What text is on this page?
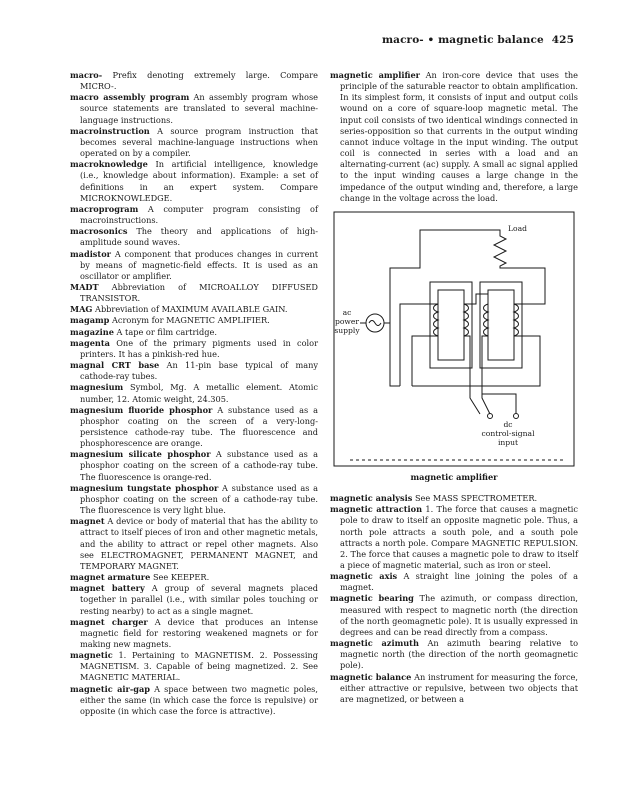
macro- • magnetic balance 425

macro- Prefix denoting extremely large. Compare MICRO-.

macro assembly program An assembly program whose source statements are translated to several machine-language instructions.

macroinstruction A source program instruction that becomes several machine-language instructions when operated on by a compiler.

macroknowledge In artificial intelligence, knowledge (i.e., knowledge about information). Example: a set of definitions in an expert system. Compare MICROKNOWLEDGE.

macroprogram A computer program consisting of macroinstructions.

macrosonics The theory and applications of high-amplitude sound waves.

madistor A component that produces changes in current by means of magnetic-field effects. It is used as an oscillator or amplifier.

MADT Abbreviation of MICROALLOY DIFFUSED TRANSISTOR.

MAG Abbreviation of MAXIMUM AVAILABLE GAIN.

magamp Acronym for MAGNETIC AMPLIFIER.

magazine A tape or film cartridge.

magenta One of the primary pigments used in color printers. It has a pinkish-red hue.

magnal CRT base An 11-pin base typical of many cathode-ray tubes.

magnesium Symbol, Mg. A metallic element. Atomic number, 12. Atomic weight, 24.305.

magnesium fluoride phosphor A substance used as a phosphor coating on the screen of a very-long-persistence cathode-ray tube. The fluorescence and phosphorescence are orange.

magnesium silicate phosphor A substance used as a phosphor coating on the screen of a cathode-ray tube. The fluorescence is orange-red.

magnesium tungstate phosphor A substance used as a phosphor coating on the screen of a cathode-ray tube. The fluorescence is very light blue.

magnet A device or body of material that has the ability to attract to itself pieces of iron and other magnetic metals, and the ability to attract or repel other magnets. Also see ELECTROMAGNET, PERMANENT MAGNET, and TEMPORARY MAGNET.

magnet armature See KEEPER.

magnet battery A group of several magnets placed together in parallel (i.e., with similar poles touching or resting nearby) to act as a single magnet.

magnet charger A device that produces an intense magnetic field for restoring weakened magnets or for making new magnets.

magnetic 1. Pertaining to MAGNETISM. 2. Possessing MAGNETISM. 3. Capable of being magnetized. 2. See MAGNETIC MATERIAL.

magnetic air-gap A space between two magnetic poles, either the same (in which case the force is repulsive) or opposite (in which case the force is attractive).

magnetic amplifier An iron-core device that uses the principle of the saturable reactor to obtain amplification. In its simplest form, it consists of input and output coils wound on a core of square-loop magnetic metal. The input coil consists of two identical windings connected in series-opposition so that currents in the output winding cannot induce voltage in the input winding. The output coil is connected in series with a load and an alternating-current (ac) supply. A small ac signal applied to the input winding causes a large change in the impedance of the output winding and, therefore, a large change in the voltage across the load.

Load
ac
power
supply
dc
control-signal
input
magnetic amplifier

magnetic analysis See MASS SPECTROMETER.

magnetic attraction 1. The force that causes a magnetic pole to draw to itself an opposite magnetic pole. Thus, a north pole attracts a south pole, and a south pole attracts a north pole. Compare MAGNETIC REPULSION. 2. The force that causes a magnetic pole to draw to itself a piece of magnetic material, such as iron or steel.

magnetic axis A straight line joining the poles of a magnet.

magnetic bearing The azimuth, or compass direction, measured with respect to magnetic north (the direction of the north geomagnetic pole). It is usually expressed in degrees and can be read directly from a compass.

magnetic azimuth An azimuth bearing relative to magnetic north (the direction of the north geomagnetic pole).

magnetic balance An instrument for measuring the force, either attractive or repulsive, between two objects that are magnetized, or between a
